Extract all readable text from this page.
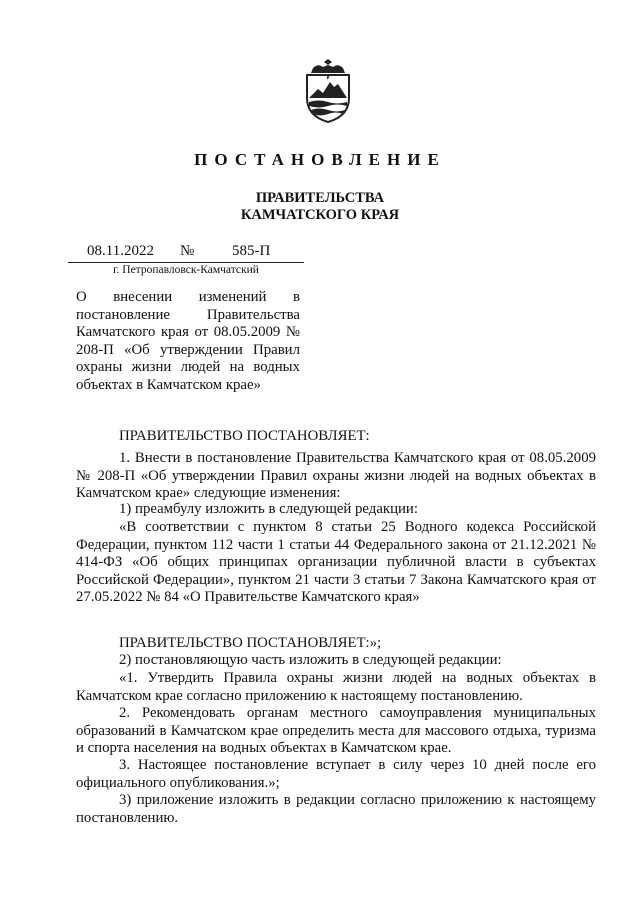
ПОСТАНОВЛЕНИЕ
ПРАВИТЕЛЬСТВА
КАМЧАТСКОГО КРАЯ
08.11.2022 №	585-П
г. Петропавловск-Камчатский
О внесении изменений в постановление Правительства Камчатского края от 08.05.2009 № 208-П «Об утверждении Правил охраны жизни людей на водных объектах в Камчатском крае»
ПРАВИТЕЛЬСТВО ПОСТАНОВЛЯЕТ:
1. Внести в постановление Правительства Камчатского края от 08.05.2009 № 208-П «Об утверждении Правил охраны жизни людей на водных объектах в Камчатском крае» следующие изменения:
1) преамбулу изложить в следующей редакции:
«В соответствии с пунктом 8 статьи 25 Водного кодекса Российской Федерации, пунктом 112 части 1 статьи 44 Федерального закона от 21.12.2021 № 414-ФЗ «Об общих принципах организации публичной власти в субъектах Российской Федерации», пунктом 21 части 3 статьи 7 Закона Камчатского края от 27.05.2022 № 84 «О Правительстве Камчатского края»
ПРАВИТЕЛЬСТВО ПОСТАНОВЛЯЕТ:»;
2) постановляющую часть изложить в следующей редакции:
«1. Утвердить Правила охраны жизни людей на водных объектах в Камчатском крае согласно приложению к настоящему постановлению.
2. Рекомендовать органам местного самоуправления муниципальных образований в Камчатском крае определить места для массового отдыха, туризма и спорта населения на водных объектах в Камчатском крае.
3. Настоящее постановление вступает в силу через 10 дней после его официального опубликования.»;
3) приложение изложить в редакции согласно приложению к настоящему постановлению.
